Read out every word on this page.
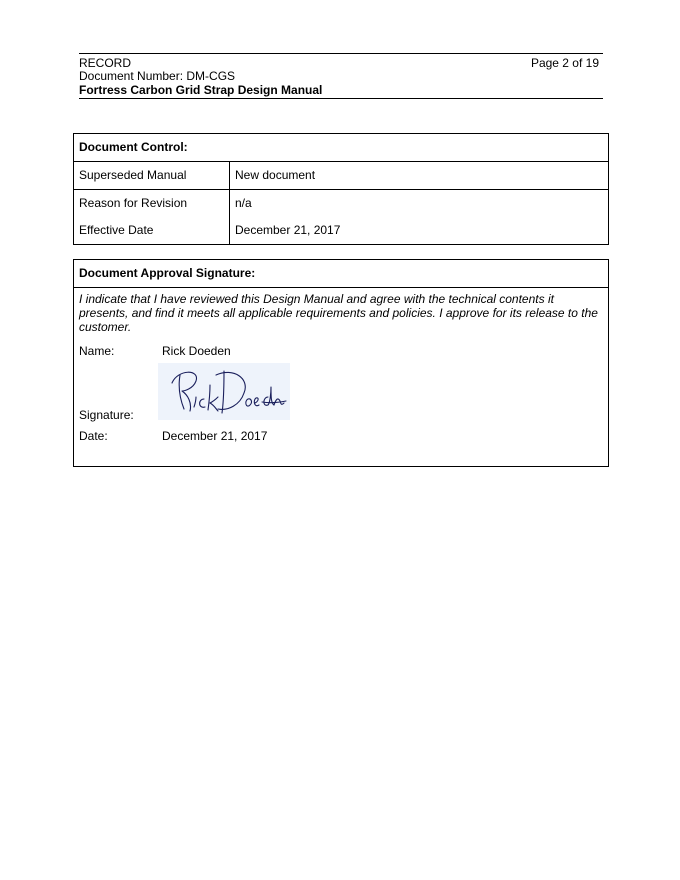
RECORD	Page 2 of 19
Document Number: DM-CGS
Fortress Carbon Grid Strap Design Manual
Document Control:
Superseded Manual	New document
Reason for Revision	n/a
Effective Date	December 21, 2017
Document Approval Signature:
I indicate that I have reviewed this Design Manual and agree with the technical contents it presents, and find it meets all applicable requirements and policies. I approve for its release to the customer.
Name:	Rick Doeden
Signature:
Date:	December 21, 2017
